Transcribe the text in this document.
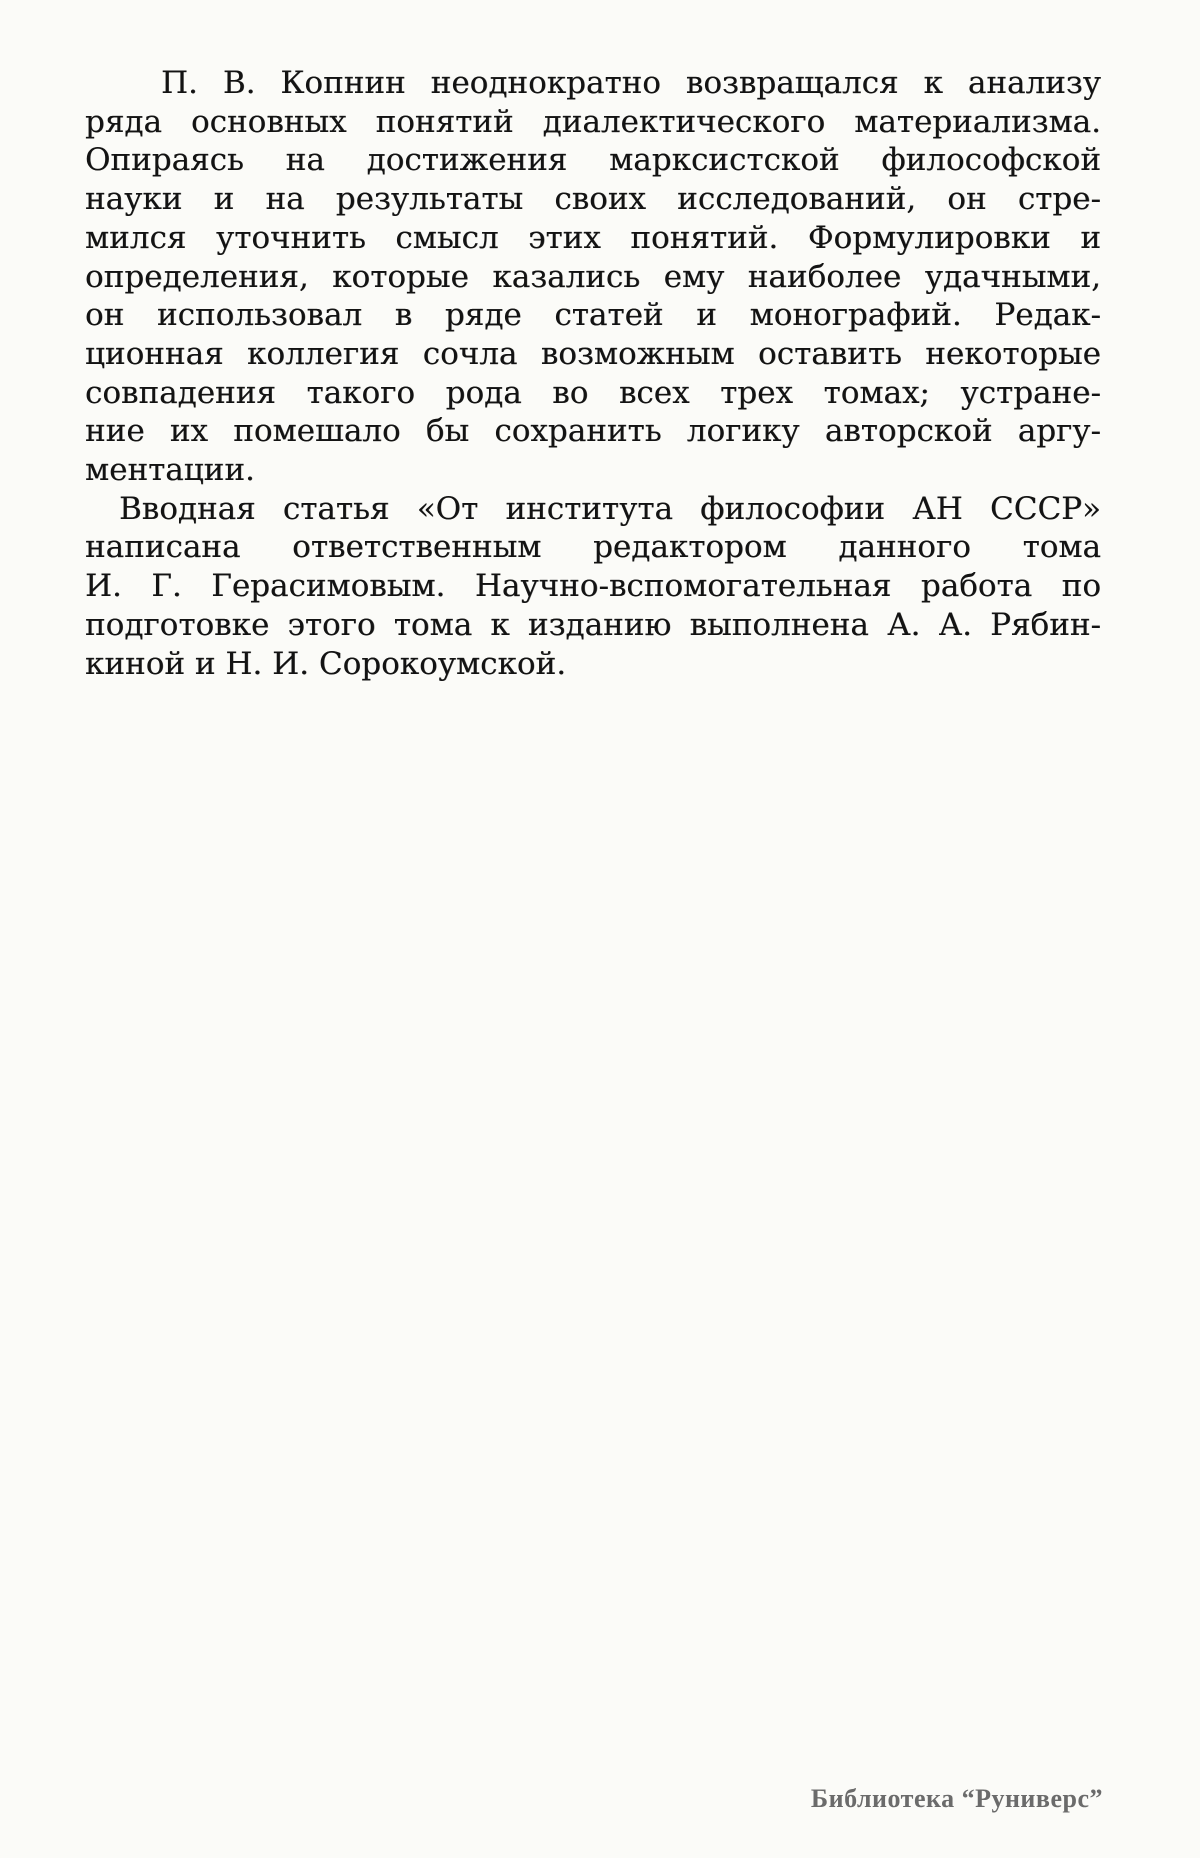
П. В. Копнин неоднократно возвращался к анализу
ряда основных понятий диалектического материализма.
Опираясь на достижения марксистской философской
науки и на результаты своих исследований, он стре-
мился уточнить смысл этих понятий. Формулировки и
определения, которые казались ему наиболее удачными,
он использовал в ряде статей и монографий. Редак-
ционная коллегия сочла возможным оставить некоторые
совпадения такого рода во всех трех томах; устране-
ние их помешало бы сохранить логику авторской аргу-
ментации.
Вводная статья «От института философии АН СССР»
написана ответственным редактором данного тома
И. Г. Герасимовым. Научно-вспомогательная работа по
подготовке этого тома к изданию выполнена А. А. Рябин-
киной и Н. И. Сорокоумской.
Библиотека “Руниверс”
